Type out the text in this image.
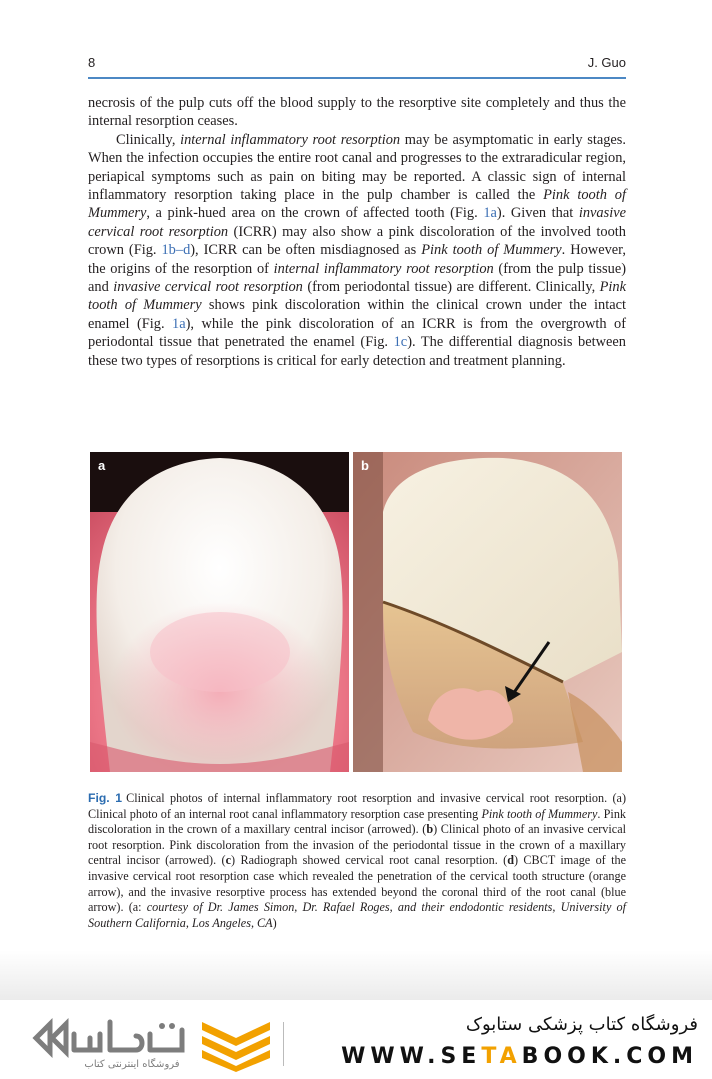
8	J. Guo

necrosis of the pulp cuts off the blood supply to the resorptive site completely and thus the internal resorption ceases.

Clinically, internal inflammatory root resorption may be asymptomatic in early stages. When the infection occupies the entire root canal and progresses to the extraradicular region, periapical symptoms such as pain on biting may be reported. A classic sign of internal inflammatory resorption taking place in the pulp chamber is called the Pink tooth of Mummery, a pink-hued area on the crown of affected tooth (Fig. 1a). Given that invasive cervical root resorption (ICRR) may also show a pink discoloration of the involved tooth crown (Fig. 1b–d), ICRR can be often misdiagnosed as Pink tooth of Mummery. However, the origins of the resorption of internal inflammatory root resorption (from the pulp tissue) and invasive cervical root resorption (from periodontal tissue) are different. Clinically, Pink tooth of Mummery shows pink discoloration within the clinical crown under the intact enamel (Fig. 1a), while the pink discoloration of an ICRR is from the overgrowth of periodontal tissue that penetrated the enamel (Fig. 1c). The differential diagnosis between these two types of resorptions is critical for early detection and treatment planning.

a	b
Fig. 1 Clinical photos of internal inflammatory root resorption and invasive cervical root resorption. (a) Clinical photo of an internal root canal inflammatory resorption case presenting Pink tooth of Mummery. Pink discoloration in the crown of a maxillary central incisor (arrowed). (b) Clinical photo of an invasive cervical root resorption. Pink discoloration from the invasion of the periodontal tissue in the crown of a maxillary central incisor (arrowed). (c) Radiograph showed cervical root canal resorption. (d) CBCT image of the invasive cervical root resorption case which revealed the penetration of the cervical tooth structure (orange arrow), and the invasive resorptive process has extended beyond the coronal third of the root canal (blue arrow). (a: courtesy of Dr. James Simon, Dr. Rafael Roges, and their endodontic residents, University of Southern California, Los Angeles, CA)
فروشگاه اینترنتی کتاب
فروشگاه کتاب پزشکی ستابوک
WWW.SETABOOK.COM
